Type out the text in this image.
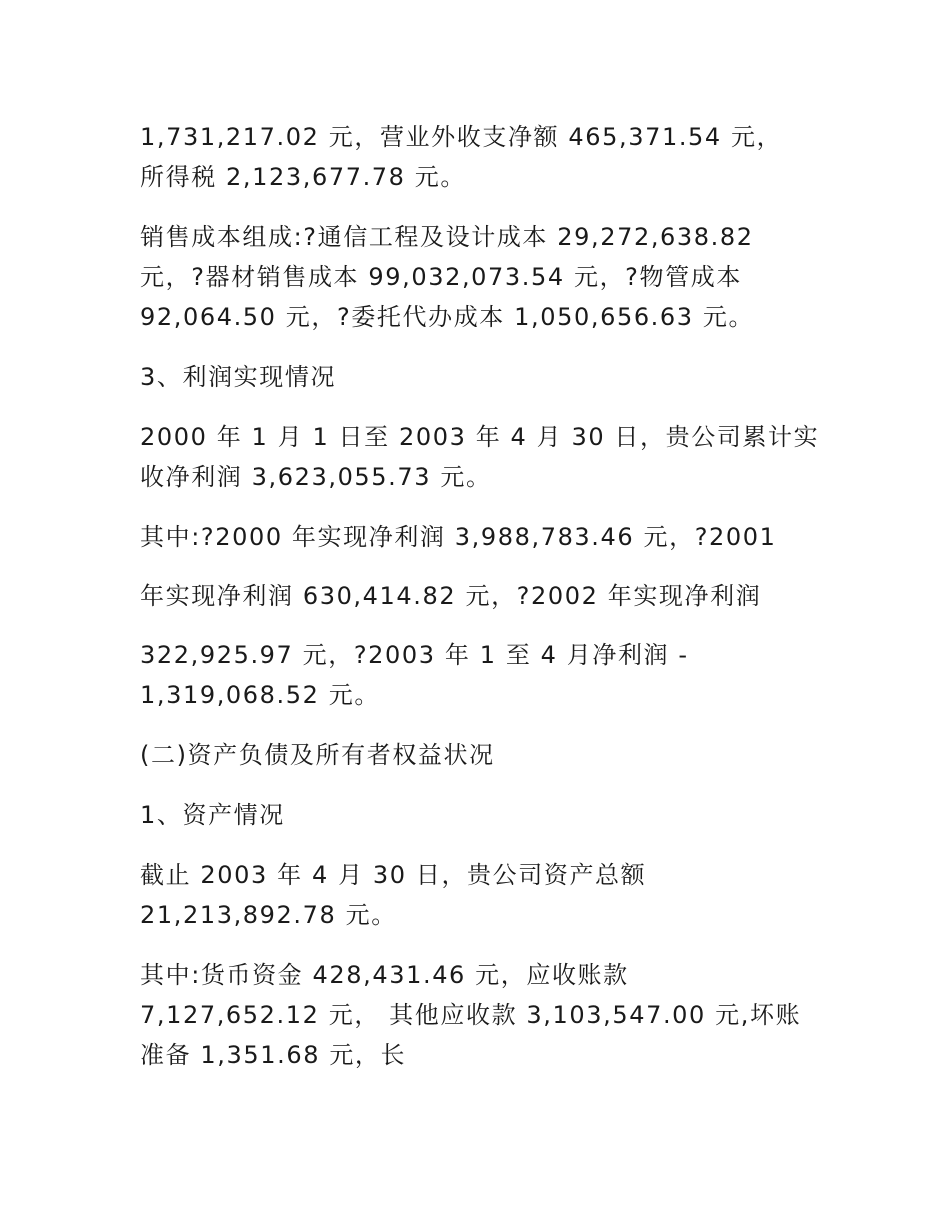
1,731,217.02 元，营业外收支净额 465,371.54 元，
所得税 2,123,677.78 元。
销售成本组成:?通信工程及设计成本 29,272,638.82
元，?器材销售成本 99,032,073.54 元，?物管成本
92,064.50 元，?委托代办成本 1,050,656.63 元。
3、利润实现情况
2000 年 1 月 1 日至 2003 年 4 月 30 日，贵公司累计实
收净利润 3,623,055.73 元。
其中:?2000 年实现净利润 3,988,783.46 元，?2001
年实现净利润 630,414.82 元，?2002 年实现净利润
322,925.97 元，?2003 年 1 至 4 月净利润 -
1,319,068.52 元。
(二)资产负债及所有者权益状况
1、资产情况
截止 2003 年 4 月 30 日，贵公司资产总额
21,213,892.78 元。
其中:货币资金 428,431.46 元，应收账款
7,127,652.12 元， 其他应收款 3,103,547.00 元,坏账
准备 1,351.68 元，长
